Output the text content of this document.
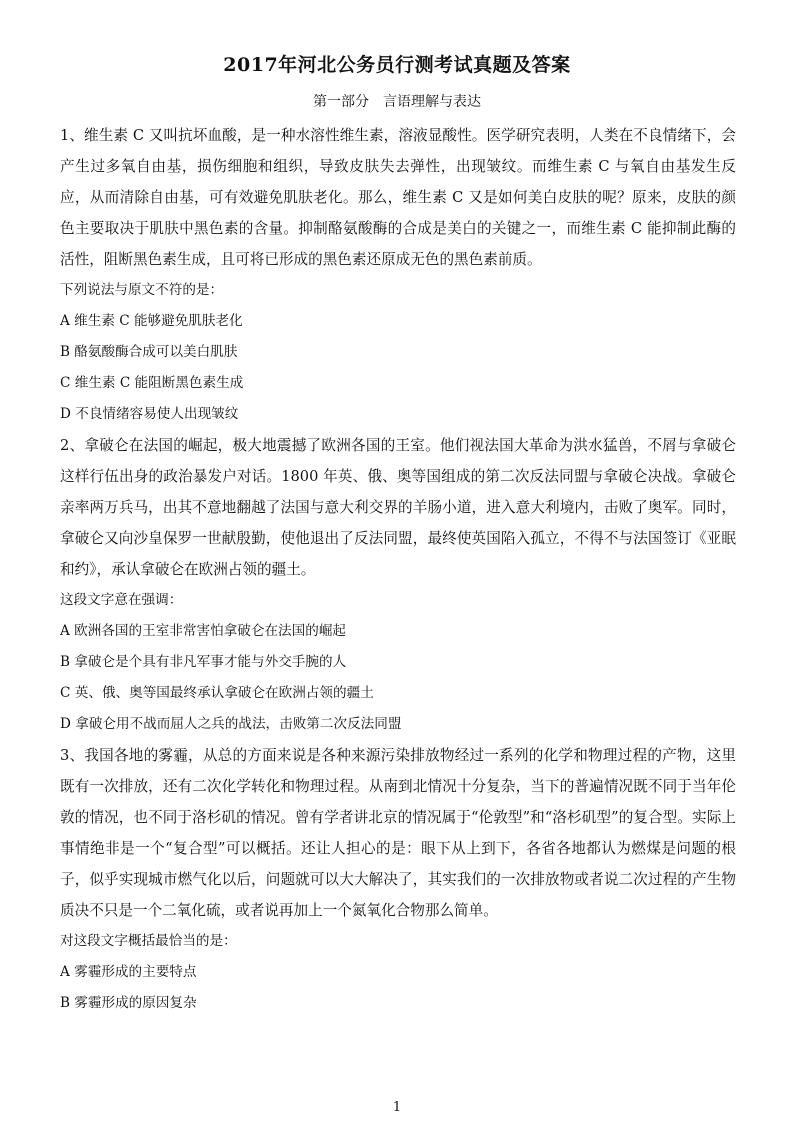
2017年河北公务员行测考试真题及答案
第一部分　言语理解与表达

1、维生素 C 又叫抗坏血酸，是一种水溶性维生素，溶液显酸性。医学研究表明，人类在不良情绪下，会产生过多氧自由基，损伤细胞和组织，导致皮肤失去弹性，出现皱纹。而维生素 C 与氧自由基发生反应，从而清除自由基，可有效避免肌肤老化。那么，维生素 C 又是如何美白皮肤的呢？原来，皮肤的颜色主要取决于肌肤中黑色素的含量。抑制酪氨酸酶的合成是美白的关键之一，而维生素 C 能抑制此酶的活性，阻断黑色素生成，且可将已形成的黑色素还原成无色的黑色素前质。

下列说法与原文不符的是：

A 维生素 C 能够避免肌肤老化

B 酪氨酸酶合成可以美白肌肤

C 维生素 C 能阻断黑色素生成

D 不良情绪容易使人出现皱纹

2、拿破仑在法国的崛起，极大地震撼了欧洲各国的王室。他们视法国大革命为洪水猛兽，不屑与拿破仑这样行伍出身的政治暴发户对话。1800 年英、俄、奥等国组成的第二次反法同盟与拿破仑决战。拿破仑亲率两万兵马，出其不意地翻越了法国与意大利交界的羊肠小道，进入意大利境内，击败了奥军。同时，拿破仑又向沙皇保罗一世献殷勤，使他退出了反法同盟，最终使英国陷入孤立，不得不与法国签订《亚眠和约》，承认拿破仑在欧洲占领的疆土。

这段文字意在强调：

A 欧洲各国的王室非常害怕拿破仑在法国的崛起

B 拿破仑是个具有非凡军事才能与外交手腕的人

C 英、俄、奥等国最终承认拿破仑在欧洲占领的疆土

D 拿破仑用不战而屈人之兵的战法，击败第二次反法同盟

3、我国各地的雾霾，从总的方面来说是各种来源污染排放物经过一系列的化学和物理过程的产物，这里既有一次排放，还有二次化学转化和物理过程。从南到北情况十分复杂，当下的普遍情况既不同于当年伦敦的情况，也不同于洛杉矶的情况。曾有学者讲北京的情况属于“伦敦型”和“洛杉矶型”的复合型。实际上事情绝非是一个“复合型”可以概括。还让人担心的是：眼下从上到下，各省各地都认为燃煤是问题的根子，似乎实现城市燃气化以后，问题就可以大大解决了，其实我们的一次排放物或者说二次过程的产生物质决不只是一个二氧化硫，或者说再加上一个氮氧化合物那么简单。

对这段文字概括最恰当的是：

A 雾霾形成的主要特点

B 雾霾形成的原因复杂

1
